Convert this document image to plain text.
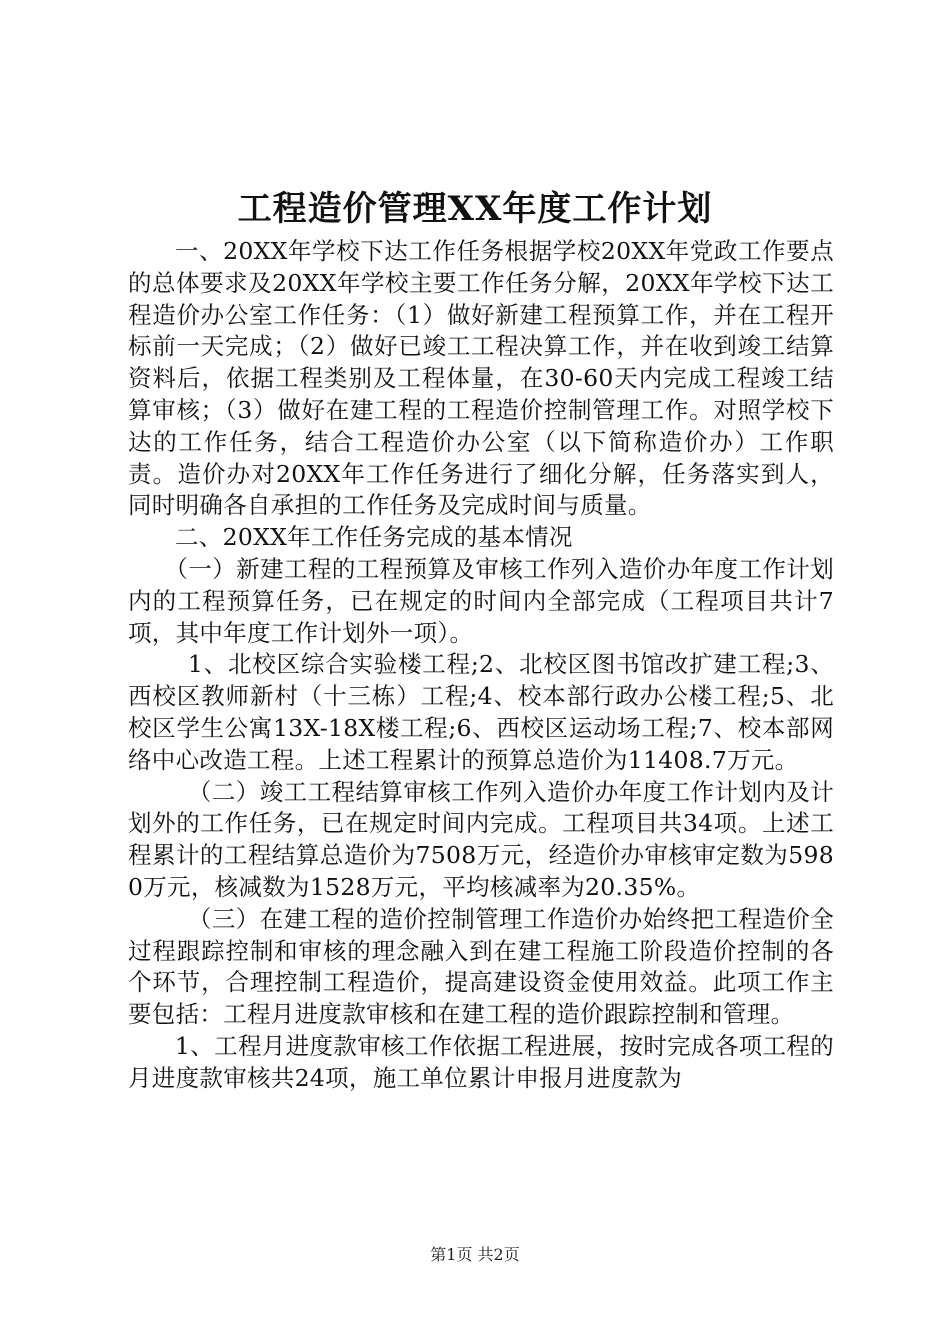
工程造价管理XX年度工作计划

一、20XX年学校下达工作任务根据学校20XX年党政工作要点的总体要求及20XX年学校主要工作任务分解，20XX年学校下达工程造价办公室工作任务：（1）做好新建工程预算工作，并在工程开标前一天完成；（2）做好已竣工工程决算工作，并在收到竣工结算资料后，依据工程类别及工程体量，在30-60天内完成工程竣工结算审核；（3）做好在建工程的工程造价控制管理工作。对照学校下达的工作任务，结合工程造价办公室（以下简称造价办）工作职责。造价办对20XX年工作任务进行了细化分解，任务落实到人，同时明确各自承担的工作任务及完成时间与质量。

二、20XX年工作任务完成的基本情况

（一）新建工程的工程预算及审核工作列入造价办年度工作计划内的工程预算任务，已在规定的时间内全部完成（工程项目共计7项，其中年度工作计划外一项）。

1、北校区综合实验楼工程;2、北校区图书馆改扩建工程;3、西校区教师新村（十三栋）工程;4、校本部行政办公楼工程;5、北校区学生公寓13X-18X楼工程;6、西校区运动场工程;7、校本部网络中心改造工程。上述工程累计的预算总造价为11408.7万元。

（二）竣工工程结算审核工作列入造价办年度工作计划内及计划外的工作任务，已在规定时间内完成。工程项目共34项。上述工程累计的工程结算总造价为7508万元，经造价办审核审定数为5980万元，核减数为1528万元，平均核减率为20.35%。

（三）在建工程的造价控制管理工作造价办始终把工程造价全过程跟踪控制和审核的理念融入到在建工程施工阶段造价控制的各个环节，合理控制工程造价，提高建设资金使用效益。此项工作主要包括：工程月进度款审核和在建工程的造价跟踪控制和管理。

1、工程月进度款审核工作依据工程进展，按时完成各项工程的月进度款审核共24项，施工单位累计申报月进度款为

第1页 共2页
